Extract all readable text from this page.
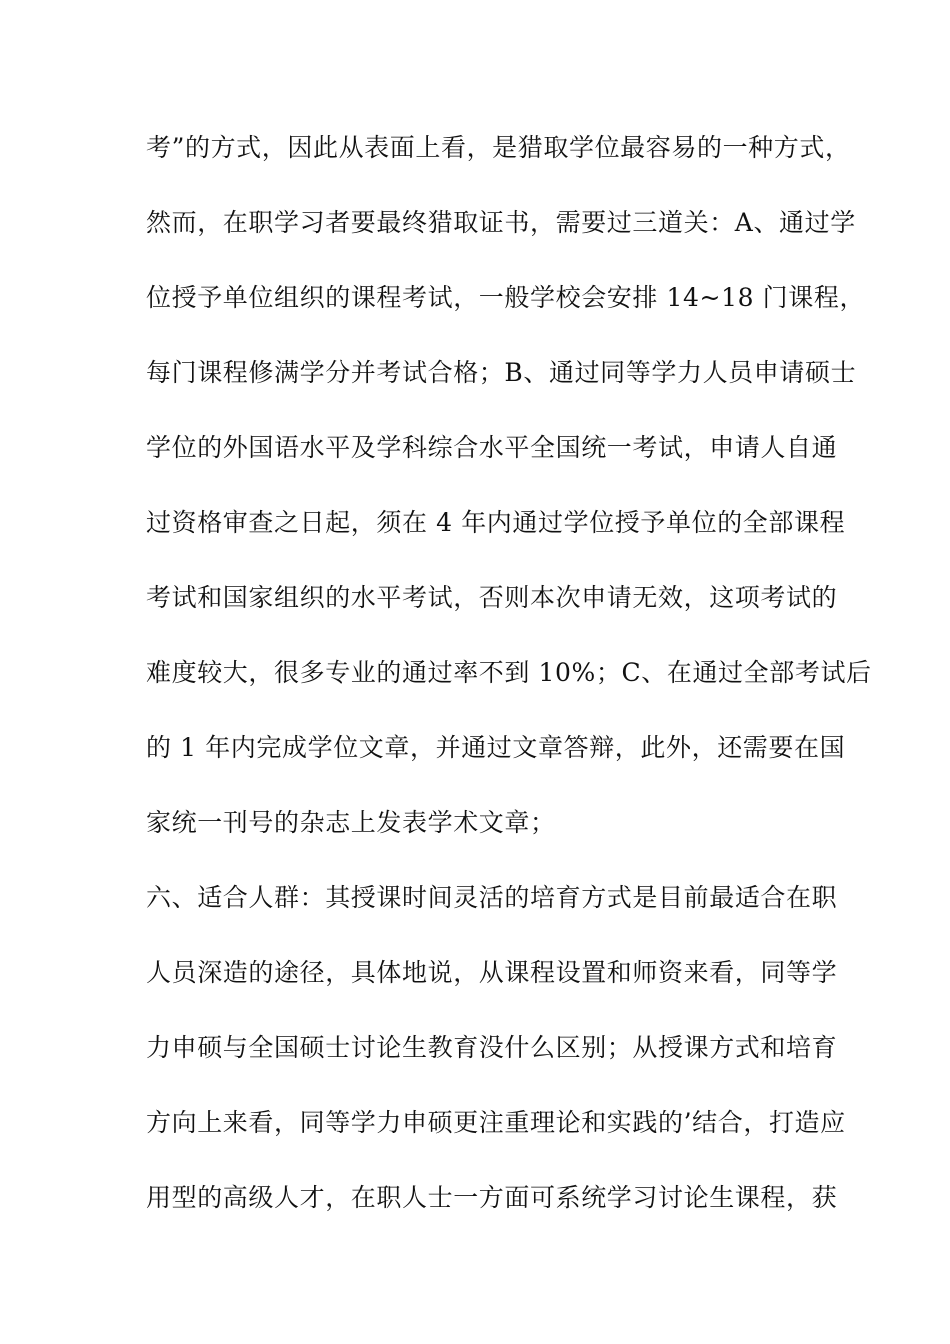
考”的方式，因此从表面上看，是猎取学位最容易的一种方式，
然而，在职学习者要最终猎取证书，需要过三道关：A、通过学
位授予单位组织的课程考试，一般学校会安排 14~18 门课程，
每门课程修满学分并考试合格；B、通过同等学力人员申请硕士
学位的外国语水平及学科综合水平全国统一考试，申请人自通
过资格审查之日起，须在 4 年内通过学位授予单位的全部课程
考试和国家组织的水平考试，否则本次申请无效，这项考试的
难度较大，很多专业的通过率不到 10%；C、在通过全部考试后
的 1 年内完成学位文章，并通过文章答辩，此外，还需要在国
家统一刊号的杂志上发表学术文章；
六、适合人群：其授课时间灵活的培育方式是目前最适合在职
人员深造的途径，具体地说，从课程设置和师资来看，同等学
力申硕与全国硕士讨论生教育没什么区别；从授课方式和培育
方向上来看，同等学力申硕更注重理论和实践的’结合，打造应
用型的高级人才，在职人士一方面可系统学习讨论生课程，获
